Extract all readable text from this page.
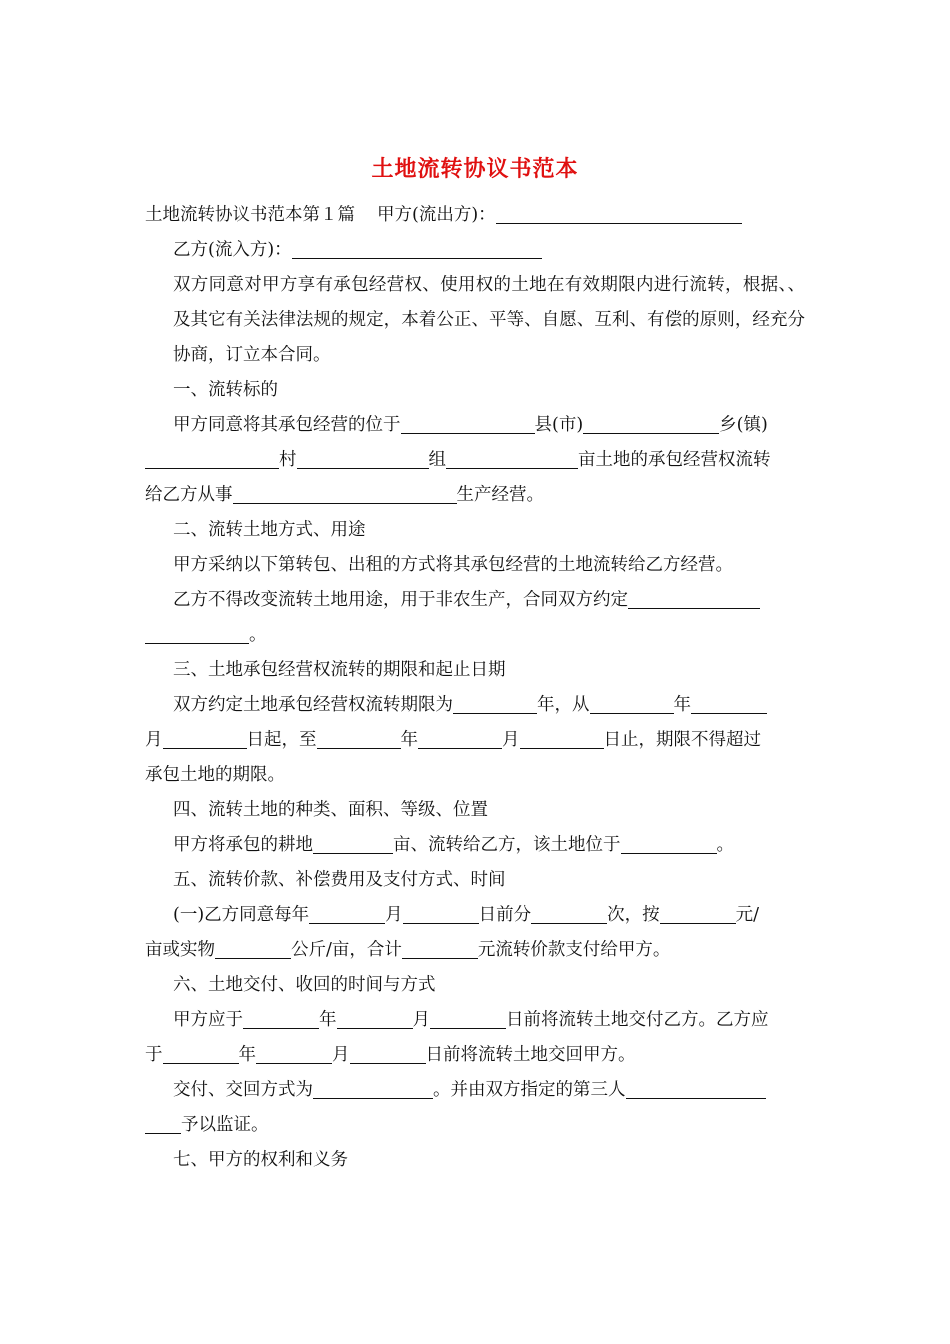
土地流转协议书范本

土地流转协议书范本第１篇 甲方(流出方)：

乙方(流入方)：

双方同意对甲方享有承包经营权、使用权的土地在有效期限内进行流转，根据、、及其它有关法律法规的规定，本着公正、平等、自愿、互利、有偿的原则，经充分协商，订立本合同。

一、流转标的

甲方同意将其承包经营的位于	县(市)	乡(镇)

村	组	亩土地的承包经营权流转

给乙方从事	生产经营。

二、流转土地方式、用途

甲方采纳以下第转包、出租的方式将其承包经营的土地流转给乙方经营。

乙方不得改变流转土地用途，用于非农生产，合同双方约定

。

三、土地承包经营权流转的期限和起止日期

双方约定土地承包经营权流转期限为	年，从	年

月	日起，至	年	月	日止，期限不得超过

承包土地的期限。

四、流转土地的种类、面积、等级、位置

甲方将承包的耕地	亩、流转给乙方，该土地位于	。

五、流转价款、补偿费用及支付方式、时间

(一)乙方同意每年	月	日前分	次，按	元/

亩或实物	公斤/亩，合计	元流转价款支付给甲方。

六、土地交付、收回的时间与方式

甲方应于	年	月	日前将流转土地交付乙方。乙方应

于	年	月	日前将流转土地交回甲方。

交付、交回方式为	。并由双方指定的第三人

予以监证。

七、甲方的权利和义务
